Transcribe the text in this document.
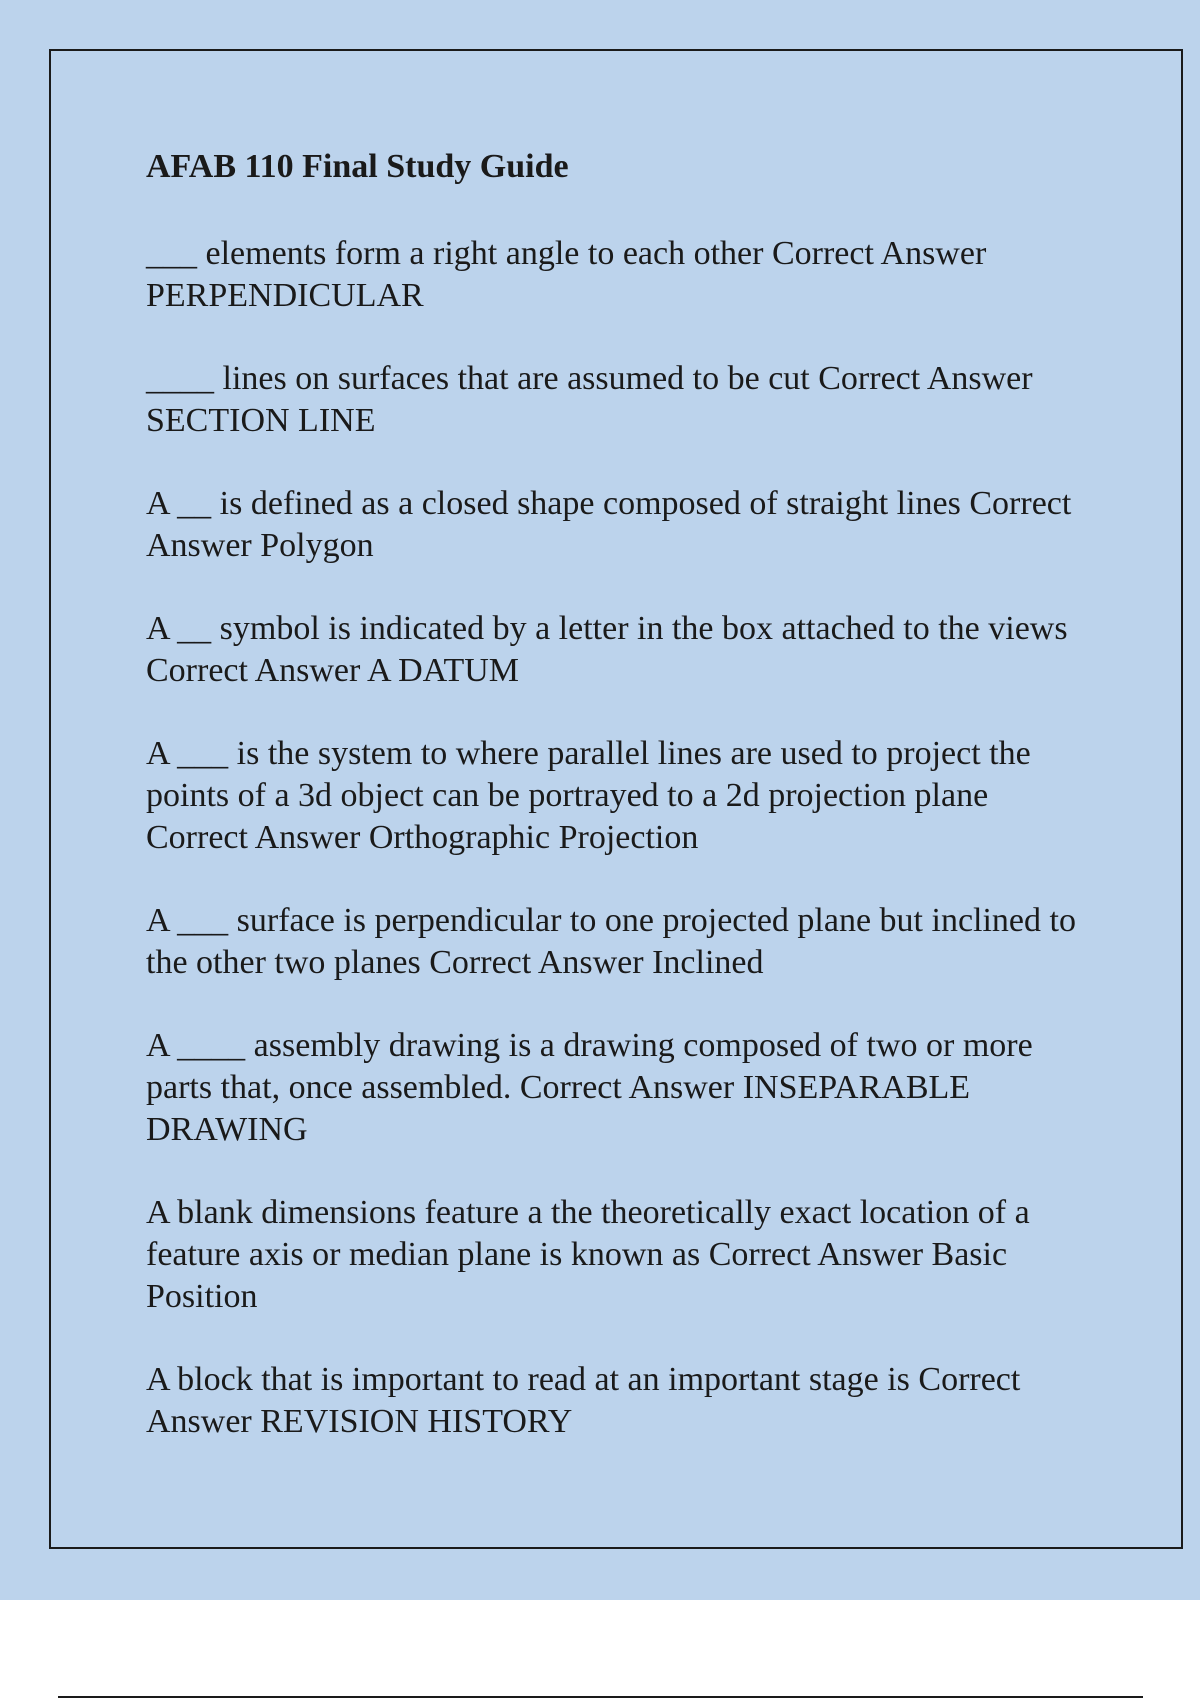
AFAB 110 Final Study Guide
___ elements form a right angle to each other Correct Answer PERPENDICULAR
____ lines on surfaces that are assumed to be cut Correct Answer SECTION LINE
A __ is defined as a closed shape composed of straight lines Correct Answer Polygon
A __ symbol is indicated by a letter in the box attached to the views Correct Answer A DATUM
A ___ is the system to where parallel lines are used to project the points of a 3d object can be portrayed to a 2d projection plane Correct Answer Orthographic Projection
A ___ surface is perpendicular to one projected plane but inclined to the other two planes Correct Answer Inclined
A ____ assembly drawing is a drawing composed of two or more parts that, once assembled. Correct Answer INSEPARABLE DRAWING
A blank dimensions feature a the theoretically exact location of a feature axis or median plane is known as Correct Answer Basic Position
A block that is important to read at an important stage is Correct Answer REVISION HISTORY
